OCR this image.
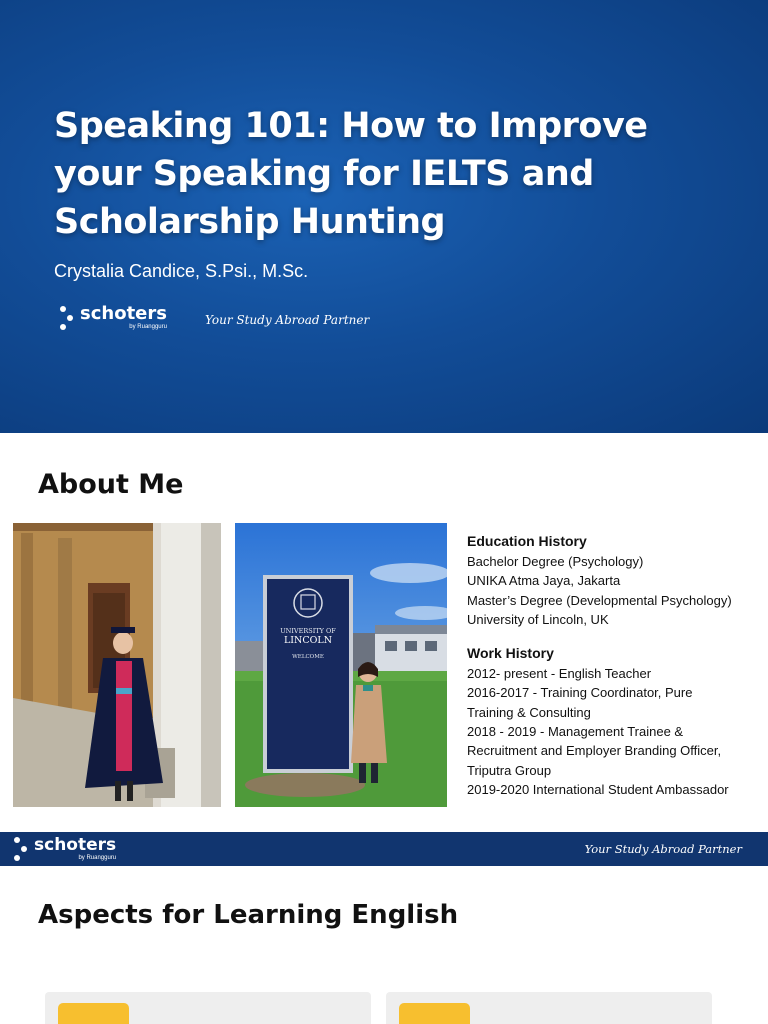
Speaking 101: How to Improve
your Speaking for IELTS and
Scholarship Hunting
Crystalia Candice, S.Psi., M.Sc.
schoters
by Ruangguru	Your Study Abroad Partner
About Me
UNIVERSITY OF
LINCOLN
WELCOME
Education History

Bachelor Degree (Psychology)

UNIKA Atma Jaya, Jakarta

Master’s Degree (Developmental Psychology)

University of Lincoln, UK

Work History

2012- present - English Teacher

2016-2017 - Training Coordinator, Pure

Training & Consulting

2018 - 2019 - Management Trainee &

Recruitment and Employer Branding Officer,

Triputra Group

2019-2020 International Student Ambassador

schoters
by Ruangguru
Your Study Abroad Partner
Aspects for Learning English
